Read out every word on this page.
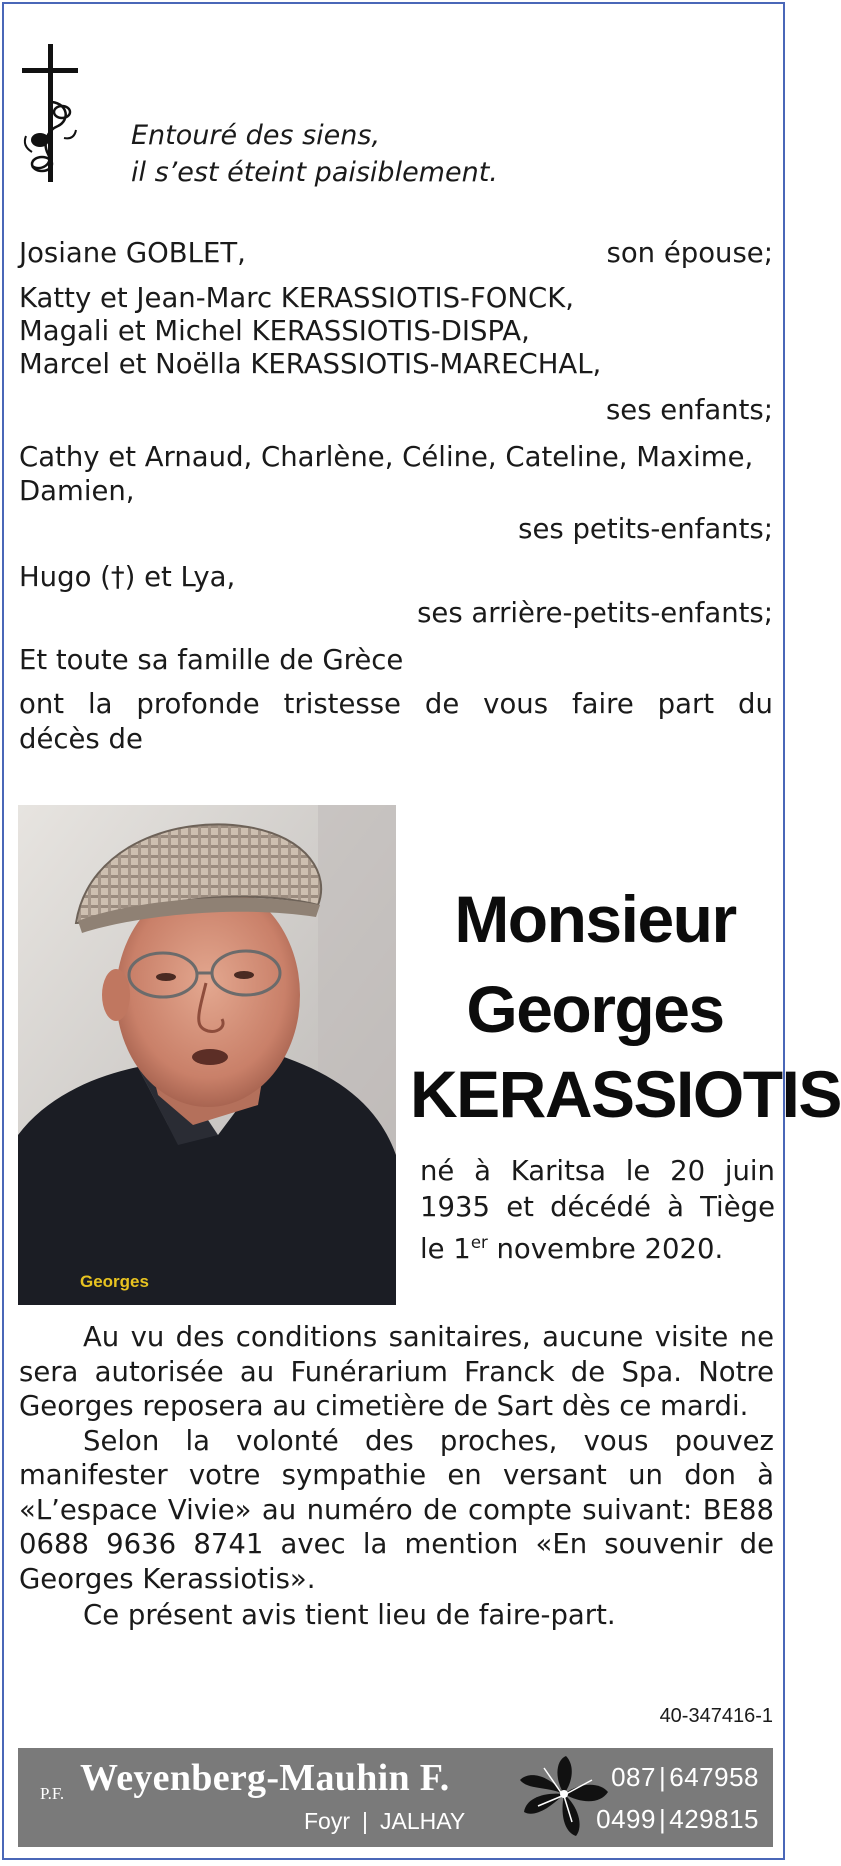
Entouré des siens,
il s’est éteint paisiblement.
Josiane GOBLET,	son épouse;
Katty et Jean-Marc KERASSIOTIS-FONCK,
Magali et Michel KERASSIOTIS-DISPA,
Marcel et Noëlla KERASSIOTIS-MARECHAL,
ses enfants;
Cathy et Arnaud, Charlène, Céline, Cateline, Maxime,
Damien,
ses petits-enfants;
Hugo (†) et Lya,
ses arrière-petits-enfants;
Et toute sa famille de Grèce
ont la profonde tristesse de vous faire part du
décès de
Georges
Monsieur
Georges
KERASSIOTIS
né à Karitsa le 20 juin
1935 et décédé à Tiège
le 1er novembre 2020.

Au vu des conditions sanitaires, aucune visite ne sera autorisée au Funérarium Franck de Spa. Notre Georges reposera au cimetière de Sart dès ce mardi.

Selon la volonté des proches, vous pouvez manifester votre sympathie en versant un don à «L’espace Vivie» au numéro de compte suivant: BE88 0688 9636 8741 avec la mention «En souvenir de Georges Kerassiotis».

Ce présent avis tient lieu de faire-part.

40-347416-1
P.F. Weyenberg-Mauhin F.
Foyr | JALHAY
087 | 647958
0499 | 429815
